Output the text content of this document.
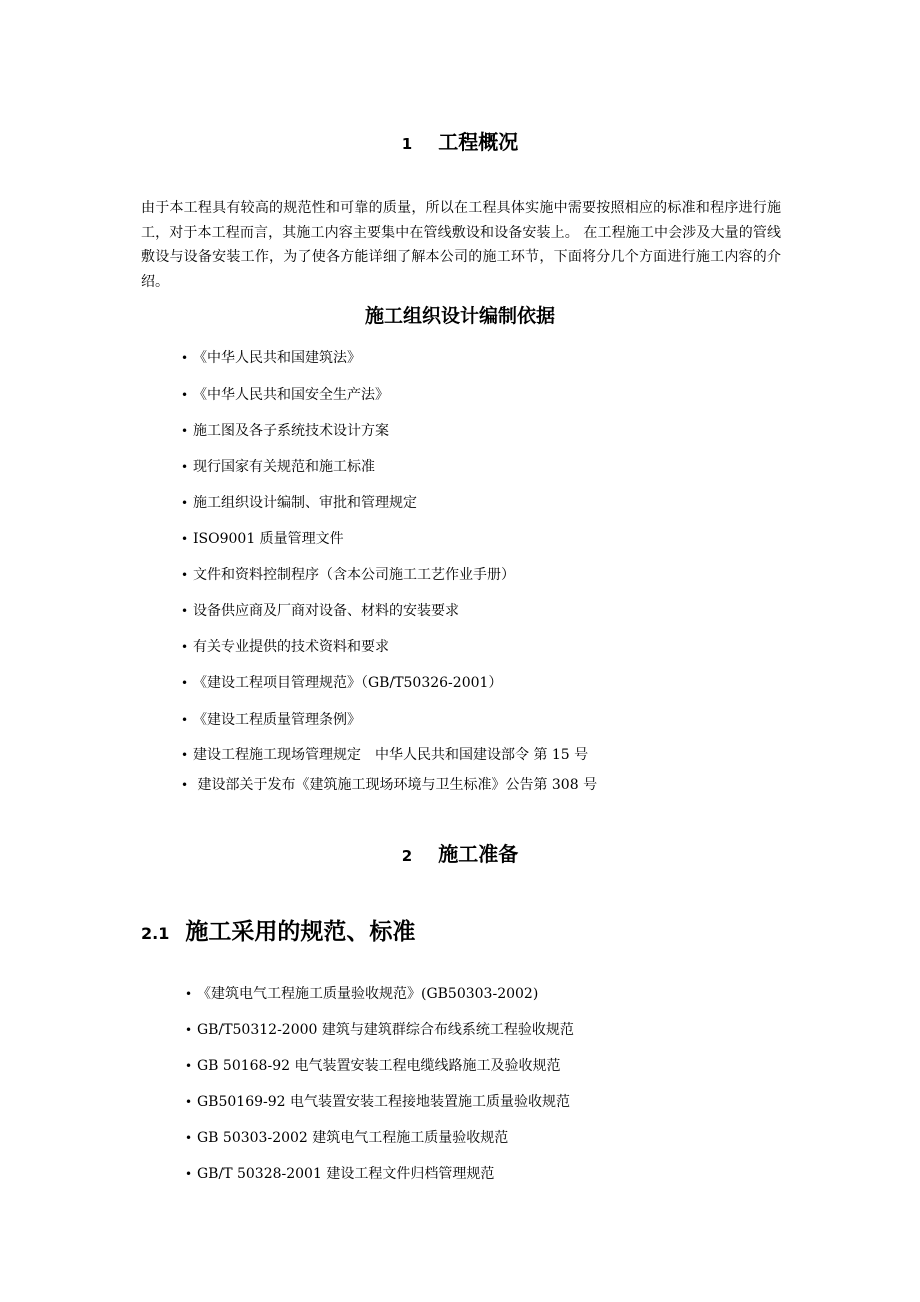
1 工程概况
由于本工程具有较高的规范性和可靠的质量，所以在工程具体实施中需要按照相应的标准和程序进行施工，对于本工程而言，其施工内容主要集中在管线敷设和设备安装上。 在工程施工中会涉及大量的管线敷设与设备安装工作，为了使各方能详细了解本公司的施工环节，下面将分几个方面进行施工内容的介绍。
施工组织设计编制依据
• 《中华人民共和国建筑法》
• 《中华人民共和国安全生产法》
• 施工图及各子系统技术设计方案
• 现行国家有关规范和施工标准
• 施工组织设计编制、审批和管理规定
• ISO9001 质量管理文件
• 文件和资料控制程序（含本公司施工工艺作业手册）
• 设备供应商及厂商对设备、材料的安装要求
• 有关专业提供的技术资料和要求
• 《建设工程项目管理规范》（GB/T50326-2001）
• 《建设工程质量管理条例》
• 建设工程施工现场管理规定　中华人民共和国建设部令 第 15 号
• 建设部关于发布《建筑施工现场环境与卫生标准》公告第 308 号
2 施工准备
2.1 施工采用的规范、标准
• 《建筑电气工程施工质量验收规范》(GB50303-2002)
• GB/T50312-2000 建筑与建筑群综合布线系统工程验收规范
• GB 50168-92 电气装置安装工程电缆线路施工及验收规范
• GB50169-92 电气装置安装工程接地装置施工质量验收规范
• GB 50303-2002 建筑电气工程施工质量验收规范
• GB/T 50328-2001 建设工程文件归档管理规范
